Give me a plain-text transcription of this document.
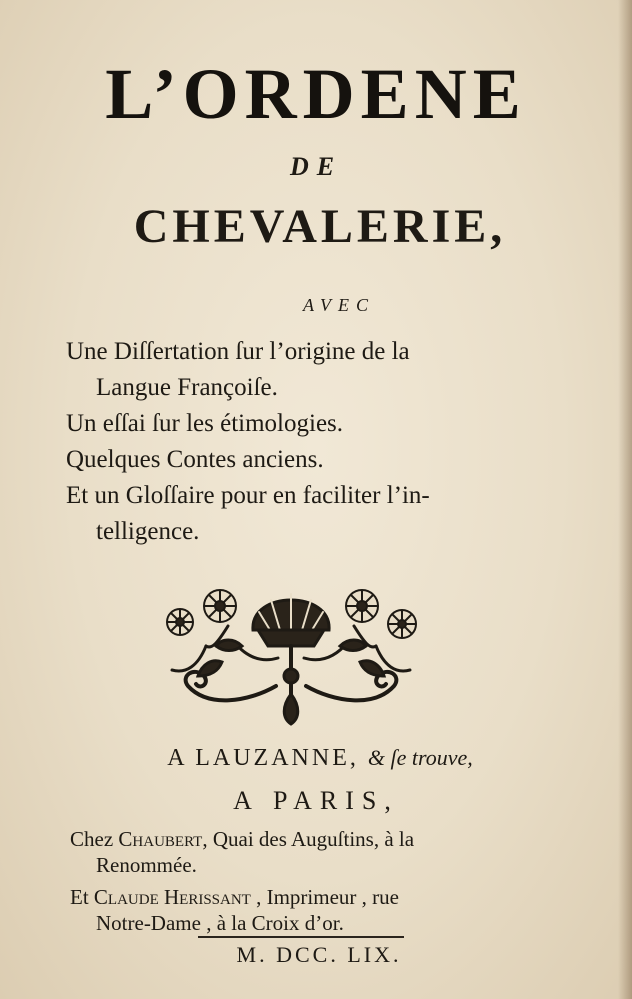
L’ORDENE
DE
CHEVALERIE,
AVEC
Une Diſſertation ſur l’origine de la
Langue Françoiſe.
Un eſſai ſur les étimologies.
Quelques Contes anciens.
Et un Gloſſaire pour en faciliter l’in-
telligence.
A LAUZANNE, & ſe trouve,
A PARIS,
Chez Chaubert, Quai des Auguſtins, à la
Renommée.
Et Claude Herissant , Imprimeur , rue
Notre-Dame , à la Croix d’or.
M. DCC. LIX.
